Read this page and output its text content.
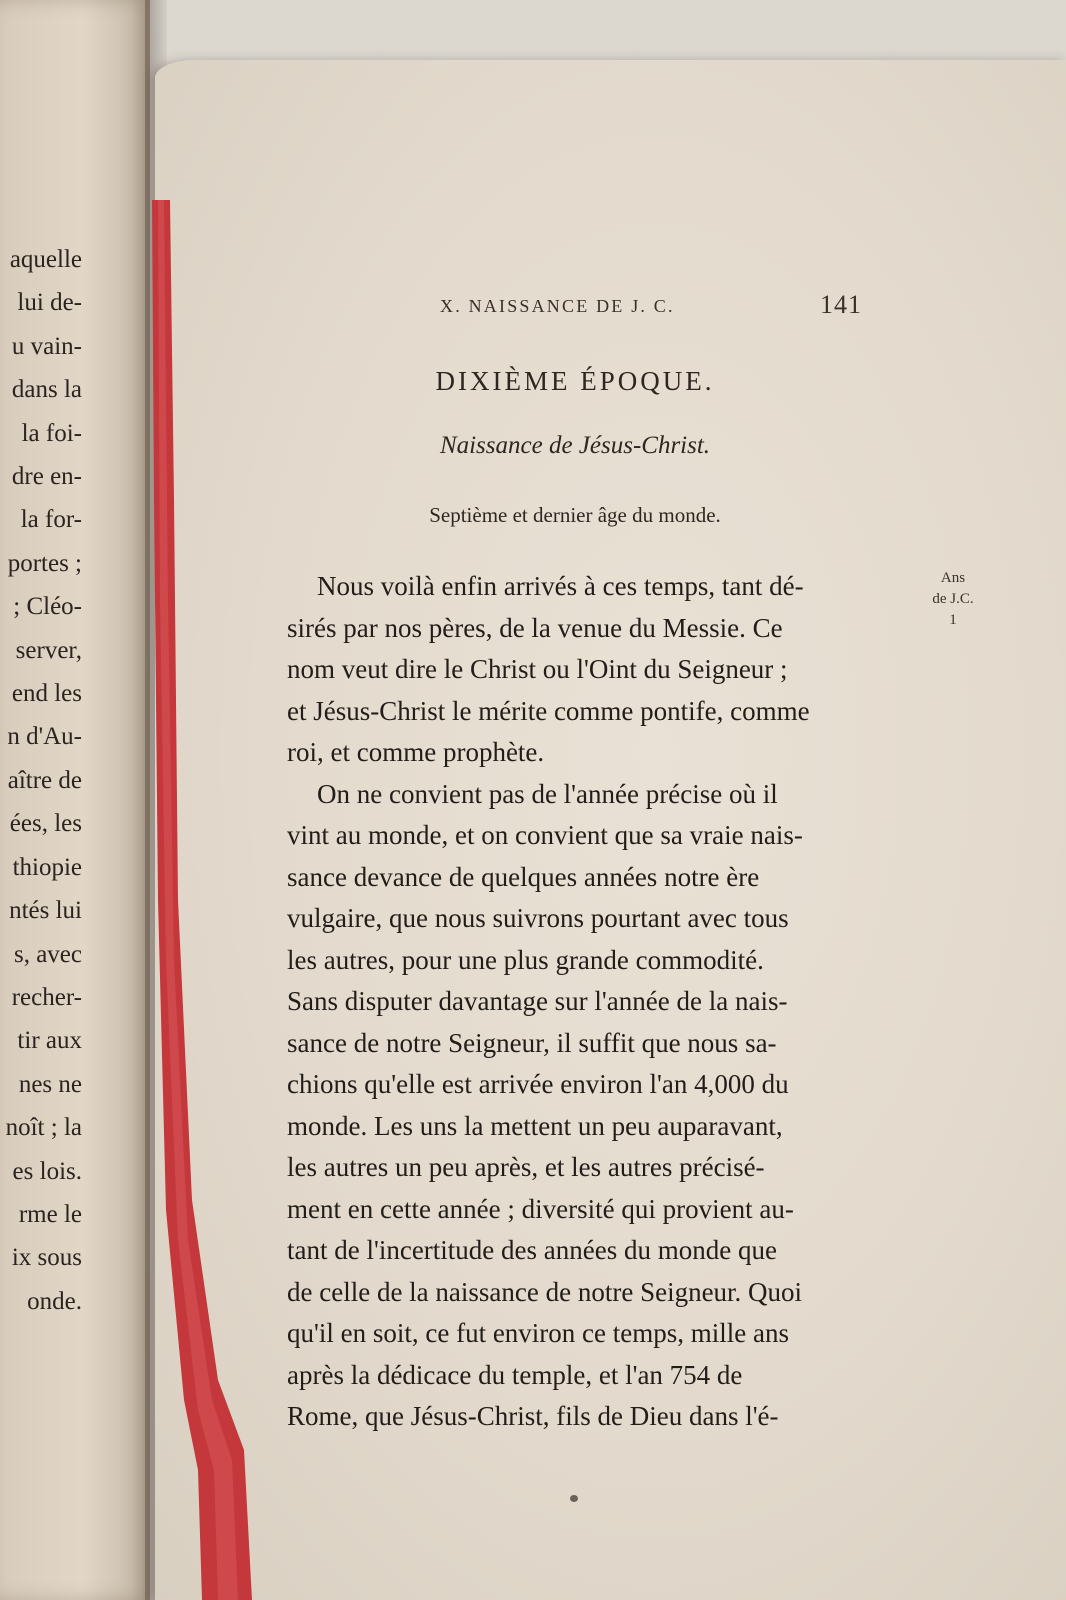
aquelle
lui de-
u vain-
dans la
la foi-
dre en-
la for-
portes ;
; Cléo-
server,
end les
n d'Au-
aître de
ées, les
thiopie
ntés lui
s, avec
recher-
tir aux
nes ne
noît ; la
es lois.
rme le
ix sous
onde.
X. NAISSANCE DE J. C.	141
DIXIÈME ÉPOQUE.
Naissance de Jésus-Christ.
Septième et dernier âge du monde.
Ans
de J.C.
1
Nous voilà enfin arrivés à ces temps, tant dé-
sirés par nos pères, de la venue du Messie. Ce
nom veut dire le Christ ou l'Oint du Seigneur ;
et Jésus-Christ le mérite comme pontife, comme
roi, et comme prophète.
On ne convient pas de l'année précise où il
vint au monde, et on convient que sa vraie nais-
sance devance de quelques années notre ère
vulgaire, que nous suivrons pourtant avec tous
les autres, pour une plus grande commodité.
Sans disputer davantage sur l'année de la nais-
sance de notre Seigneur, il suffit que nous sa-
chions qu'elle est arrivée environ l'an 4,000 du
monde. Les uns la mettent un peu auparavant,
les autres un peu après, et les autres précisé-
ment en cette année ; diversité qui provient au-
tant de l'incertitude des années du monde que
de celle de la naissance de notre Seigneur. Quoi
qu'il en soit, ce fut environ ce temps, mille ans
après la dédicace du temple, et l'an 754 de
Rome, que Jésus-Christ, fils de Dieu dans l'é-
